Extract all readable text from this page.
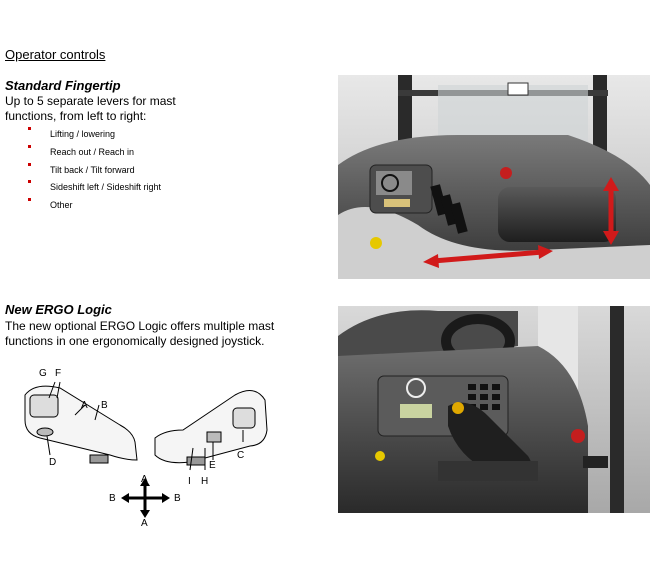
Operator controls
Standard Fingertip
Up to 5 separate levers for mast
functions, from left to right:
Lifting / lowering
Reach out / Reach in
Tilt back / Tilt forward
Sideshift left / Sideshift right
Other
New ERGO Logic
The new optional ERGO Logic offers multiple mast
functions in one ergonomically designed joystick.
G F
A B
D
C
E
I H
A
A
B	B
